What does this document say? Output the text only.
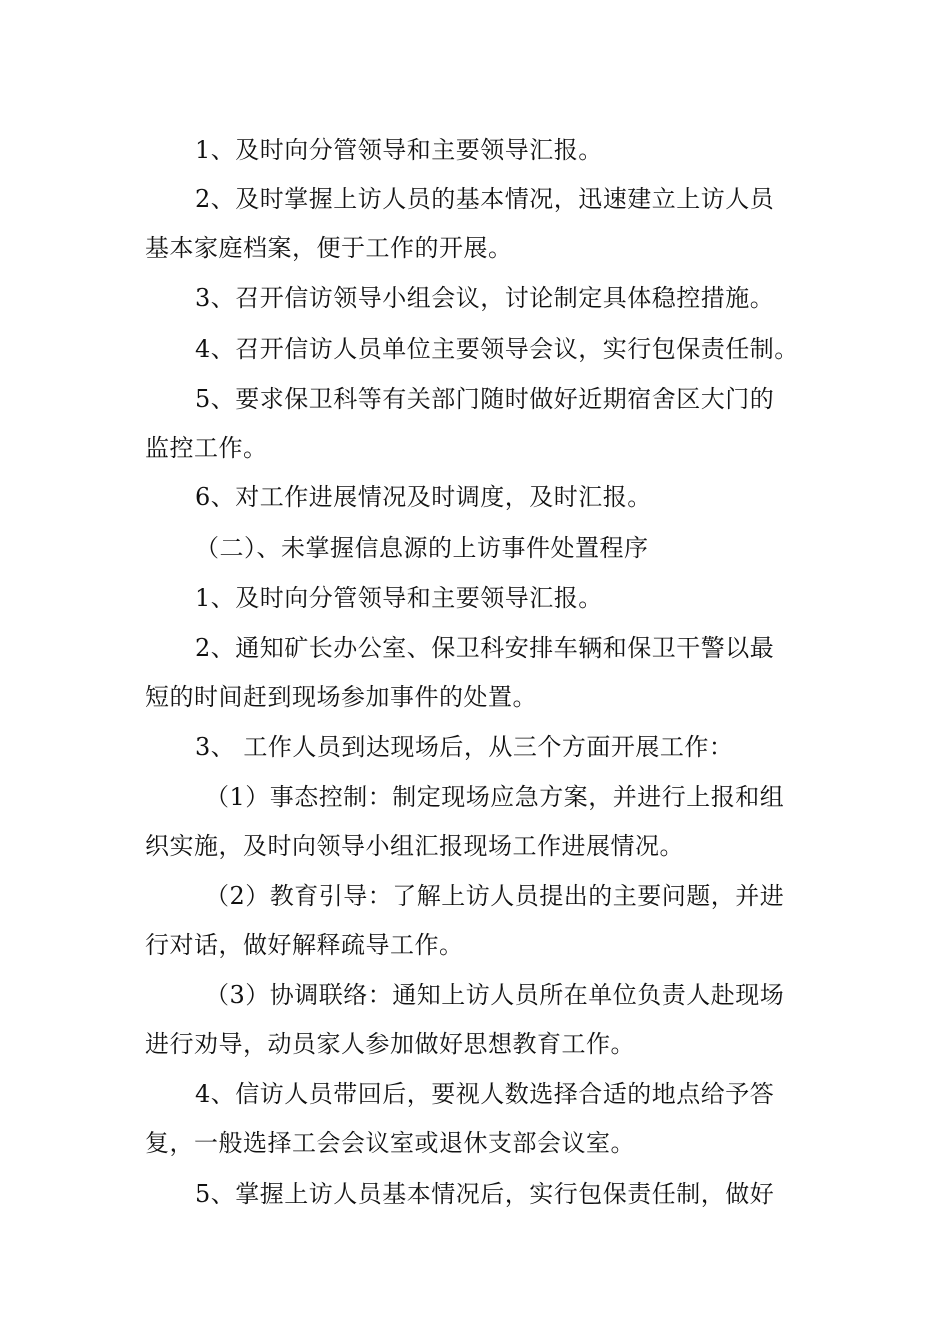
1、及时向分管领导和主要领导汇报。
2、及时掌握上访人员的基本情况，迅速建立上访人员
基本家庭档案，便于工作的开展。
3、召开信访领导小组会议，讨论制定具体稳控措施。
4、召开信访人员单位主要领导会议，实行包保责任制。
5、要求保卫科等有关部门随时做好近期宿舍区大门的
监控工作。
6、对工作进展情况及时调度，及时汇报。
（二）、未掌握信息源的上访事件处置程序
1、及时向分管领导和主要领导汇报。
2、通知矿长办公室、保卫科安排车辆和保卫干警以最
短的时间赶到现场参加事件的处置。
3、 工作人员到达现场后，从三个方面开展工作：
（1）事态控制：制定现场应急方案，并进行上报和组
织实施，及时向领导小组汇报现场工作进展情况。
（2）教育引导：了解上访人员提出的主要问题，并进
行对话，做好解释疏导工作。
（3）协调联络：通知上访人员所在单位负责人赴现场
进行劝导，动员家人参加做好思想教育工作。
4、信访人员带回后，要视人数选择合适的地点给予答
复，一般选择工会会议室或退休支部会议室。
5、掌握上访人员基本情况后，实行包保责任制，做好
